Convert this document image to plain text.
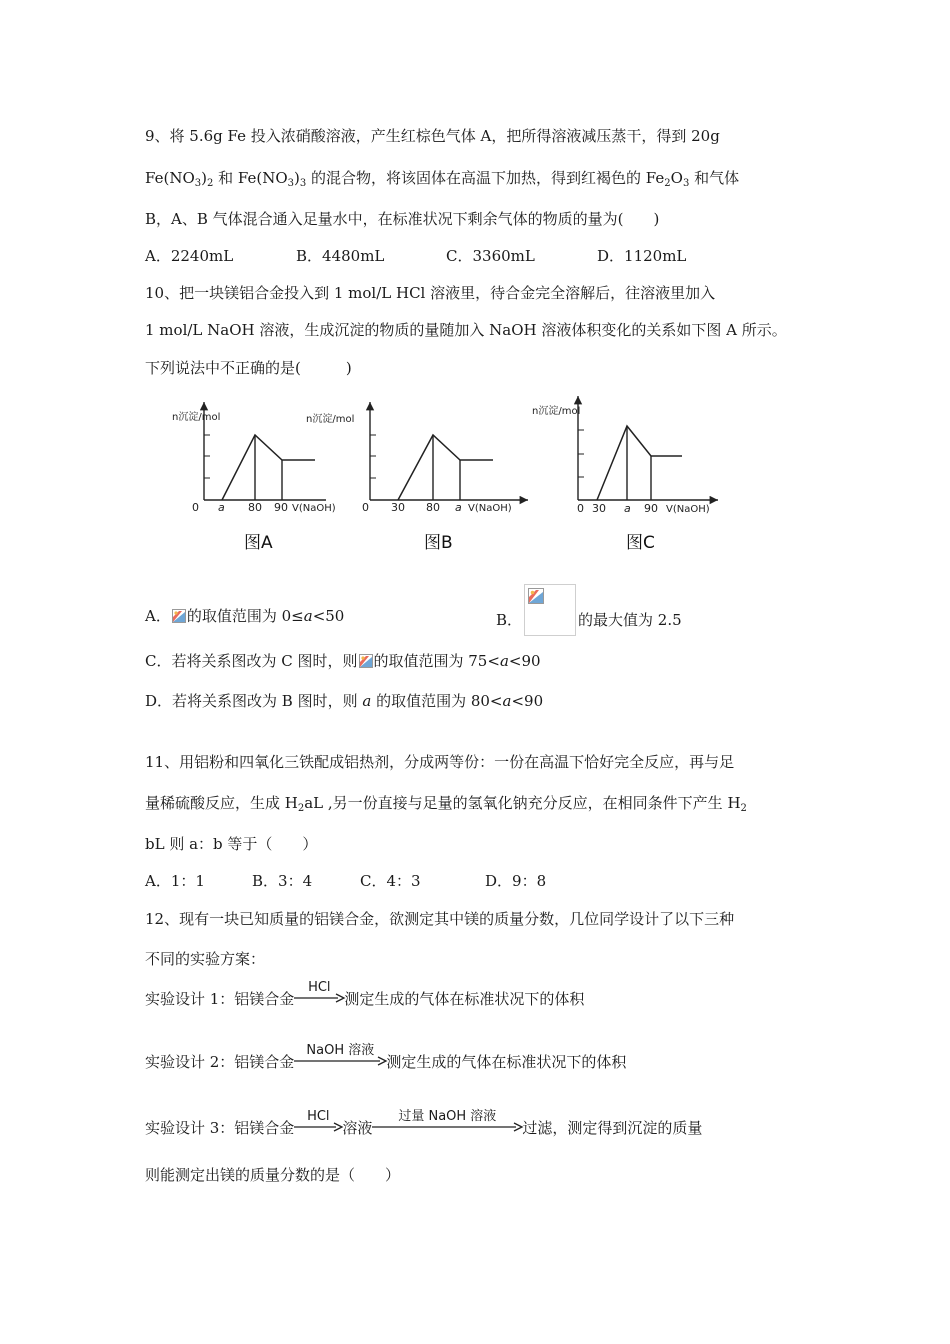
9、将 5.6g Fe 投入浓硝酸溶液，产生红棕色气体 A，把所得溶液减压蒸干，得到 20g
$Fe(NO_3)_2$ 和 $Fe(NO_3)_3$ 的混合物，将该固体在高温下加热，得到红褐色的 $Fe_2O_3$ 和气体
B，A、B 气体混合通入足量水中，在标准状况下剩余气体的物质的量为(　　)
A．2240mL	B．4480mL	C．3360mL	D．1120mL
10、把一块镁铝合金投入到 1 mol/L HCl 溶液里，待合金完全溶解后，往溶液里加入
1 mol/L NaOH 溶液，生成沉淀的物质的量随加入 NaOH 溶液体积变化的关系如下图 A 所示。
下列说法中不正确的是(　　　)
n沉淀/mol
0 a 80 90 V(NaOH)
图A
n沉淀/mol
0 30 80 a V(NaOH)
图B
n沉淀/mol
0 30 a 90 V(NaOH)
图C
A． 的取值范围为 0≤a<50	B．	的最大值为 2.5
C．若将关系图改为 C 图时，则 的取值范围为 75<a<90
D．若将关系图改为 B 图时，则 a 的取值范围为 80<a<90
11、用铝粉和四氧化三铁配成铝热剂，分成两等份：一份在高温下恰好完全反应，再与足
量稀硫酸反应，生成 $H_2aL$ ,另一份直接与足量的氢氧化钠充分反应，在相同条件下产生 $H_2$
bL 则 a：b 等于（　　）
A．1：1	B．3：4	C．4：3	D．9：8
12、现有一块已知质量的铝镁合金，欲测定其中镁的质量分数，几位同学设计了以下三种
不同的实验方案：
实验设计 1：铝镁合金
HCl
测定生成的气体在标准状况下的体积
实验设计 2：铝镁合金
NaOH 溶液
测定生成的气体在标准状况下的体积
实验设计 3：铝镁合金
HCl
溶液
过量 NaOH 溶液
过滤，测定得到沉淀的质量
则能测定出镁的质量分数的是（　　）
